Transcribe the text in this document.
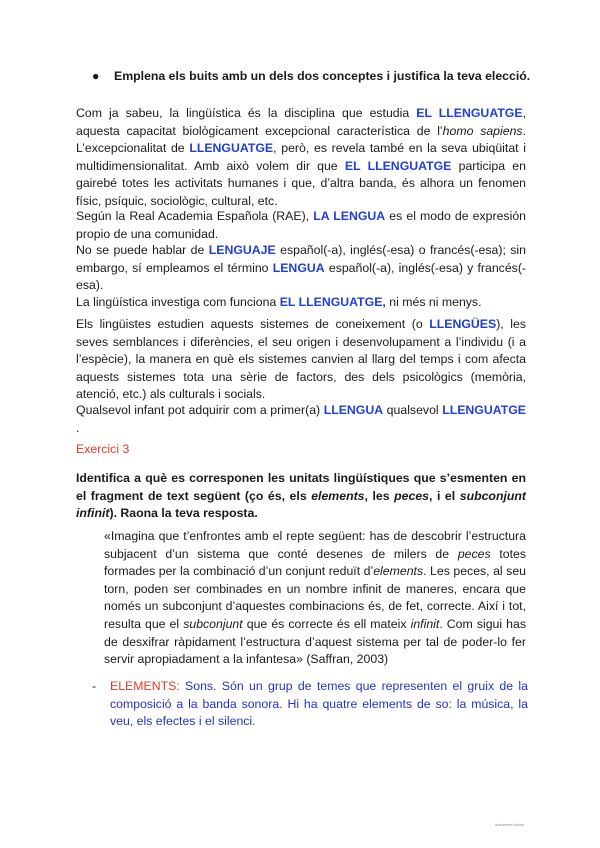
● Emplena els buits amb un dels dos conceptes i justifica la teva elecció.

Com ja sabeu, la lingüística és la disciplina que estudia EL LLENGUATGE, aquesta capacitat biològicament excepcional característica de l’homo sapiens. L’excepcionalitat de LLENGUATGE, però, es revela també en la seva ubiqüitat i multidimensionalitat. Amb això volem dir que EL LLENGUATGE participa en gairebé totes les activitats humanes i que, d’altra banda, és alhora un fenomen físic, psíquic, sociològic, cultural, etc.

Según la Real Academia Española (RAE), LA LENGUA es el modo de expresión propio de una comunidad.

No se puede hablar de LENGUAJE español(-a), inglés(-esa) o francés(-esa); sin embargo, sí empleamos el término LENGUA español(-a), inglés(-esa) y francés(-esa).

La lingüística investiga com funciona EL LLENGUATGE, ni més ni menys.

Els lingüistes estudien aquests sistemes de coneixement (o LLENGÜES), les seves semblances i diferències, el seu origen i desenvolupament a l’individu (i a l’espècie), la manera en què els sistemes canvien al llarg del temps i com afecta aquests sistemes tota una sèrie de factors, des dels psicològics (memòria, atenció, etc.) als culturals i socials.

Qualsevol infant pot adquirir com a primer(a) LLENGUA qualsevol LLENGUATGE .

Exercici 3

Identifica a què es corresponen les unitats lingüístiques que s’esmenten en el fragment de text següent (ço és, els elements, les peces, i el subconjunt infinit). Raona la teva resposta.

«Imagina que t’enfrontes amb el repte següent: has de descobrir l’estructura subjacent d’un sistema que conté desenes de milers de peces totes formades per la combinació d’un conjunt reduït d’elements. Les peces, al seu torn, poden ser combinades en un nombre infinit de maneres, encara que només un subconjunt d’aquestes combinacions és, de fet, correcte. Així i tot, resulta que el subconjunt que és correcte és ell mateix infinit. Com sigui has de desxifrar ràpidament l’estructura d’aquest sistema per tal de poder-lo fer servir apropiadament a la infantesa» (Saffran, 2003)

- ELEMENTS: Sons. Són un grup de temes que representen el gruix de la composició a la banda sonora. Hi ha quatre elements de so: la música, la veu, els efectes i el silenci.
document-footer
